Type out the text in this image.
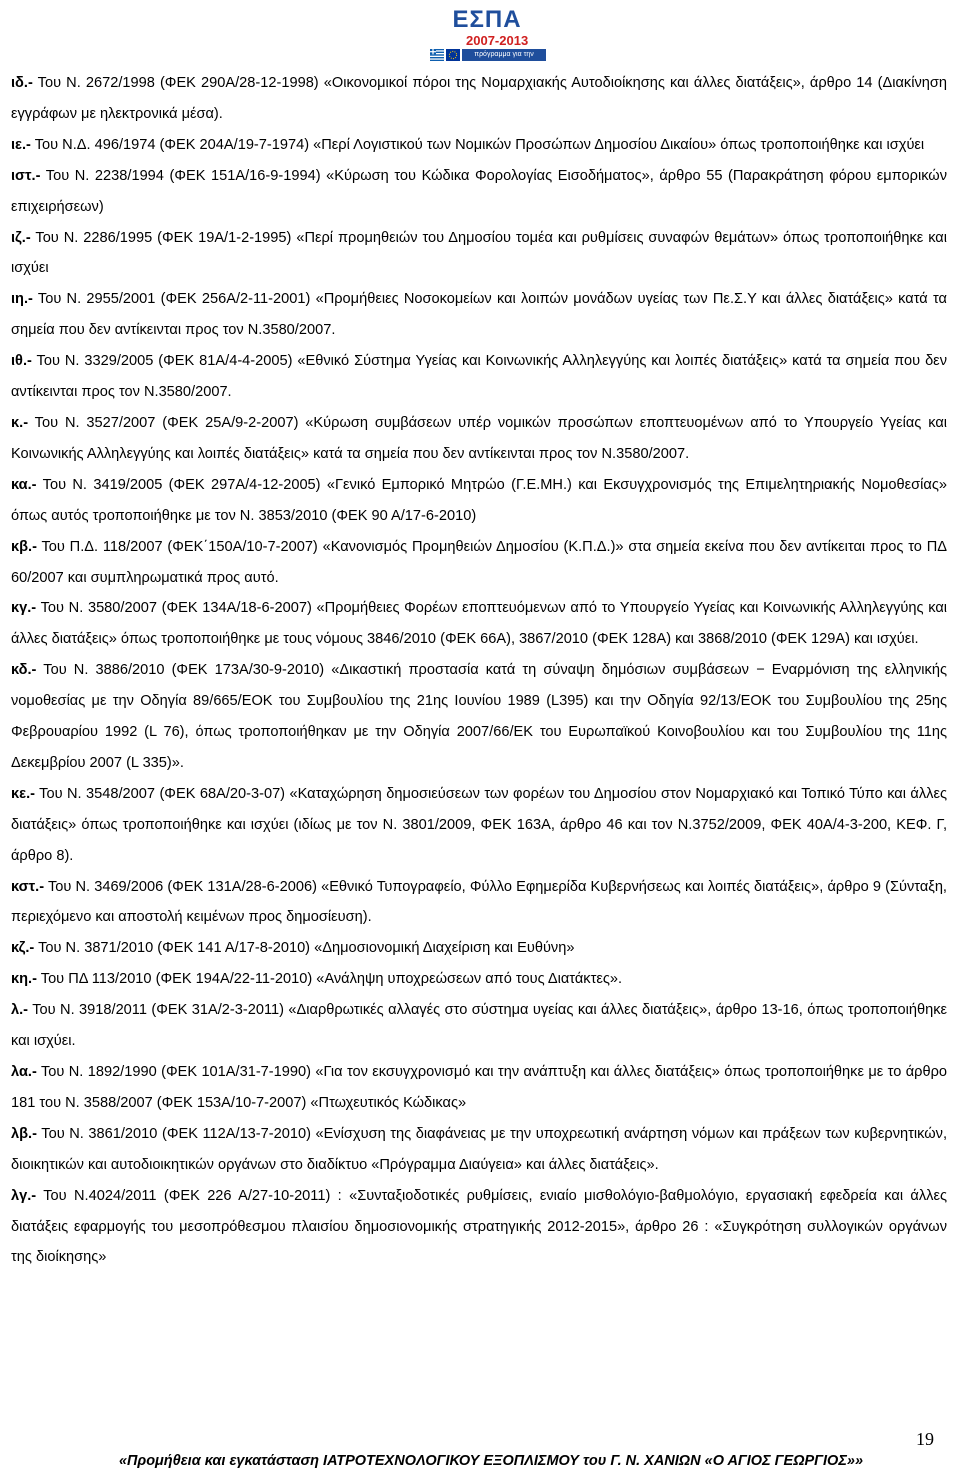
ΕΣΠΑ
2007-2013
πρόγραμμα για την ανάπτυξη

ιδ.- Του Ν. 2672/1998 (ΦΕΚ 290Α/28-12-1998) «Οικονομικοί πόροι της Νομαρχιακής Αυτοδιοίκησης και άλλες διατάξεις», άρθρο 14 (Διακίνηση εγγράφων με ηλεκτρονικά μέσα).

ιε.- Του Ν.Δ. 496/1974 (ΦΕΚ 204Α/19-7-1974) «Περί Λογιστικού των Νομικών Προσώπων Δημοσίου Δικαίου» όπως τροποποιήθηκε και ισχύει

ιστ.- Του Ν. 2238/1994 (ΦΕΚ 151Α/16-9-1994) «Κύρωση του Κώδικα Φορολογίας Εισοδήματος», άρθρο 55 (Παρακράτηση φόρου εμπορικών επιχειρήσεων)

ιζ.- Του Ν. 2286/1995 (ΦΕΚ 19Α/1-2-1995) «Περί προμηθειών του Δημοσίου τομέα και ρυθμίσεις συναφών θεμάτων» όπως τροποποιήθηκε και ισχύει

ιη.- Του Ν. 2955/2001 (ΦΕΚ 256Α/2-11-2001) «Προμήθειες Νοσοκομείων και λοιπών μονάδων υγείας των Πε.Σ.Υ και άλλες διατάξεις» κατά τα σημεία που δεν αντίκεινται προς τον Ν.3580/2007.

ιθ.- Του Ν. 3329/2005 (ΦΕΚ 81Α/4-4-2005) «Εθνικό Σύστημα Υγείας και Κοινωνικής Αλληλεγγύης και λοιπές διατάξεις» κατά τα σημεία που δεν αντίκεινται προς τον Ν.3580/2007.

κ.- Του Ν. 3527/2007 (ΦΕΚ 25Α/9-2-2007) «Κύρωση συμβάσεων υπέρ νομικών προσώπων εποπτευομένων από το Υπουργείο Υγείας και Κοινωνικής Αλληλεγγύης και λοιπές διατάξεις» κατά τα σημεία που δεν αντίκεινται προς τον Ν.3580/2007.

κα.- Του Ν. 3419/2005 (ΦΕΚ 297Α/4-12-2005) «Γενικό Εμπορικό Μητρώο (Γ.Ε.ΜΗ.) και Εκσυγχρονισμός της Επιμελητηριακής Νομοθεσίας» όπως αυτός τροποποιήθηκε με τον Ν. 3853/2010 (ΦΕΚ 90 Α/17-6-2010)

κβ.- Του Π.Δ. 118/2007 (ΦΕΚ΄150Α/10-7-2007) «Κανονισμός Προμηθειών Δημοσίου (Κ.Π.Δ.)» στα σημεία εκείνα που δεν αντίκειται προς το ΠΔ 60/2007 και συμπληρωματικά προς αυτό.

κγ.- Του Ν. 3580/2007 (ΦΕΚ 134Α/18-6-2007) «Προμήθειες Φορέων εποπτευόμενων από το Υπουργείο Υγείας και Κοινωνικής Αλληλεγγύης και άλλες διατάξεις» όπως τροποποιήθηκε με τους νόμους 3846/2010 (ΦΕΚ 66Α), 3867/2010 (ΦΕΚ 128Α) και 3868/2010 (ΦΕΚ 129Α) και ισχύει.

κδ.- Του Ν. 3886/2010 (ΦΕΚ 173Α/30-9-2010) «Δικαστική προστασία κατά τη σύναψη δημόσιων συμβάσεων − Εναρμόνιση της ελληνικής νομοθεσίας με την Οδηγία 89/665/ΕΟΚ του Συμβουλίου της 21ης Ιουνίου 1989 (L395) και την Οδηγία 92/13/ΕΟΚ του Συμβουλίου της 25ης Φεβρουαρίου 1992 (L 76), όπως τροποποιήθηκαν με την Οδηγία 2007/66/ΕΚ του Ευρωπαϊκού Κοινοβουλίου και του Συμβουλίου της 11ης Δεκεμβρίου 2007 (L 335)».

κε.- Του Ν. 3548/2007 (ΦΕΚ 68Α/20-3-07) «Καταχώρηση δημοσιεύσεων των φορέων του Δημοσίου στον Νομαρχιακό και Τοπικό Τύπο και άλλες διατάξεις» όπως τροποποιήθηκε και ισχύει (ιδίως με τον Ν. 3801/2009, ΦΕΚ 163Α, άρθρο 46 και τον Ν.3752/2009, ΦΕΚ 40Α/4-3-200, ΚΕΦ. Γ, άρθρο 8).

κστ.- Του Ν. 3469/2006 (ΦΕΚ 131Α/28-6-2006) «Εθνικό Τυπογραφείο, Φύλλο Εφημερίδα Κυβερνήσεως και λοιπές διατάξεις», άρθρο 9 (Σύνταξη, περιεχόμενο και αποστολή κειμένων προς δημοσίευση).

κζ.- Του Ν. 3871/2010 (ΦΕΚ 141 Α/17-8-2010) «Δημοσιονομική Διαχείριση και Ευθύνη»

κη.- Του ΠΔ 113/2010 (ΦΕΚ 194Α/22-11-2010) «Ανάληψη υποχρεώσεων από τους Διατάκτες».

λ.- Του Ν. 3918/2011 (ΦΕΚ 31Α/2-3-2011) «Διαρθρωτικές αλλαγές στο σύστημα υγείας και άλλες διατάξεις», άρθρο 13-16, όπως τροποποιήθηκε και ισχύει.

λα.- Του Ν. 1892/1990 (ΦΕΚ 101Α/31-7-1990) «Για τον εκσυγχρονισμό και την ανάπτυξη και άλλες διατάξεις» όπως τροποποιήθηκε με το άρθρο 181 του Ν. 3588/2007 (ΦΕΚ 153Α/10-7-2007) «Πτωχευτικός Κώδικας»

λβ.- Του Ν. 3861/2010 (ΦΕΚ 112Α/13-7-2010) «Ενίσχυση της διαφάνειας με την υποχρεωτική ανάρτηση νόμων και πράξεων των κυβερνητικών, διοικητικών και αυτοδιοικητικών οργάνων στο διαδίκτυο «Πρόγραμμα Διαύγεια» και άλλες διατάξεις».

λγ.- Του Ν.4024/2011 (ΦΕΚ 226 Α/27-10-2011) : «Συνταξιοδοτικές ρυθμίσεις, ενιαίο μισθολόγιο-βαθμολόγιο, εργασιακή εφεδρεία και άλλες διατάξεις εφαρμογής του μεσοπρόθεσμου πλαισίου δημοσιονομικής στρατηγικής 2012-2015», άρθρο 26 : «Συγκρότηση συλλογικών οργάνων της διοίκησης»

19
«Προμήθεια και εγκατάσταση ΙΑΤΡΟΤΕΧΝΟΛΟΓΙΚΟΥ ΕΞΟΠΛΙΣΜΟΥ του Γ. Ν. ΧΑΝΙΩΝ «Ο ΑΓΙΟΣ ΓΕΩΡΓΙΟΣ»»
